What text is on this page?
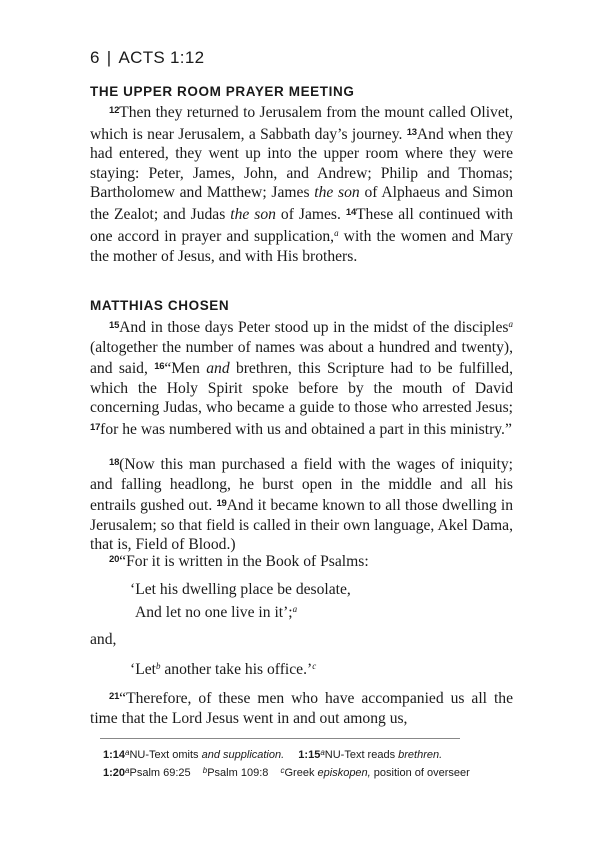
6 | ACTS 1:12
THE UPPER ROOM PRAYER MEETING

$^{12}$Then they returned to Jerusalem from the mount called Olivet, which is near Jerusalem, a Sabbath day’s journey. $^{13}$And when they had entered, they went up into the upper room where they were staying: Peter, James, John, and Andrew; Philip and Thomas; Bartholomew and Matthew; James the son of Alphaeus and Simon the Zealot; and Judas the son of James. $^{14}$These all continued with one accord in prayer and supplication,$^a$ with the women and Mary the mother of Jesus, and with His brothers.

MATTHIAS CHOSEN

$^{15}$And in those days Peter stood up in the midst of the disciples$^a$ (altogether the number of names was about a hundred and twenty), and said, $^{16}$“Men and brethren, this Scripture had to be fulfilled, which the Holy Spirit spoke before by the mouth of David concerning Judas, who became a guide to those who arrested Jesus; $^{17}$for he was numbered with us and obtained a part in this ministry.”

$^{18}$(Now this man purchased a field with the wages of iniquity; and falling headlong, he burst open in the middle and all his entrails gushed out. $^{19}$And it became known to all those dwelling in Jerusalem; so that field is called in their own language, Akel Dama, that is, Field of Blood.)

$^{20}$“For it is written in the Book of Psalms:

‘Let his dwelling place be desolate,
And let no one live in it’;$^a$

and,

‘Let$^b$ another take his office.’$^c$

$^{21}$“Therefore, of these men who have accompanied us all the time that the Lord Jesus went in and out among us,

1:14$^a$NU-Text omits and supplication. 1:15$^a$NU-Text reads brethren.
1:20$^a$Psalm 69:25 $^b$Psalm 109:8 $^c$Greek episkopen, position of overseer
